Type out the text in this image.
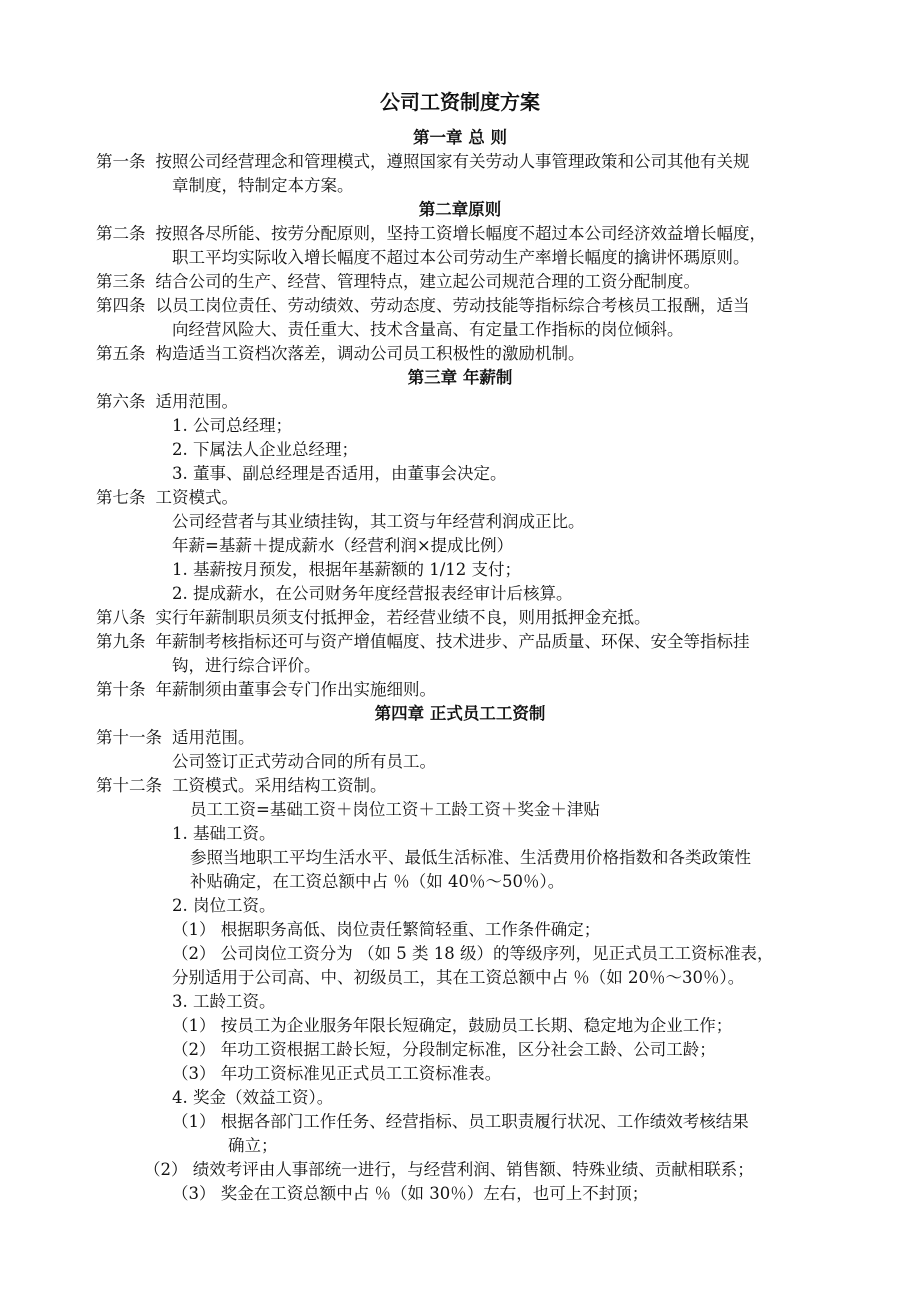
公司工资制度方案
第一章 总 则
第一条 按照公司经营理念和管理模式，遵照国家有关劳动人事管理政策和公司其他有关规
章制度，特制定本方案。
第二章原则
第二条 按照各尽所能、按劳分配原则，坚持工资增长幅度不超过本公司经济效益增长幅度，
职工平均实际收入增长幅度不超过本公司劳动生产率增长幅度的擒讲怀瑪原则。
第三条 结合公司的生产、经营、管理特点，建立起公司规范合理的工资分配制度。
第四条 以员工岗位责任、劳动绩效、劳动态度、劳动技能等指标综合考核员工报酬，适当
向经营风险大、责任重大、技术含量高、有定量工作指标的岗位倾斜。
第五条 构造适当工资档次落差，调动公司员工积极性的激励机制。
第三章 年薪制
第六条 适用范围。
1. 公司总经理；
2. 下属法人企业总经理；
3. 董事、副总经理是否适用，由董事会决定。
第七条 工资模式。
公司经营者与其业绩挂钩，其工资与年经营利润成正比。
年薪=基薪＋提成薪水（经营利润×提成比例）
1. 基薪按月预发，根据年基薪额的 1/12 支付；
2. 提成薪水，在公司财务年度经营报表经审计后核算。
第八条 实行年薪制职员须支付抵押金，若经营业绩不良，则用抵押金充抵。
第九条 年薪制考核指标还可与资产增值幅度、技术进步、产品质量、环保、安全等指标挂
钩，进行综合评价。
第十条 年薪制须由董事会专门作出实施细则。
第四章 正式员工工资制
第十一条 适用范围。
公司签订正式劳动合同的所有员工。
第十二条 工资模式。采用结构工资制。
员工工资=基础工资＋岗位工资＋工龄工资＋奖金＋津贴
1. 基础工资。
参照当地职工平均生活水平、最低生活标准、生活费用价格指数和各类政策性
补贴确定，在工资总额中占 ％（如 40％～50％）。
2. 岗位工资。
（1） 根据职务高低、岗位责任繁简轻重、工作条件确定；
（2） 公司岗位工资分为 （如 5 类 18 级）的等级序列，见正式员工工资标准表，
分别适用于公司高、中、初级员工，其在工资总额中占 ％（如 20％～30％）。
3. 工龄工资。
（1） 按员工为企业服务年限长短确定，鼓励员工长期、稳定地为企业工作；
（2） 年功工资根据工龄长短，分段制定标准，区分社会工龄、公司工龄；
（3） 年功工资标准见正式员工工资标准表。
4. 奖金（效益工资）。
（1） 根据各部门工作任务、经营指标、员工职责履行状况、工作绩效考核结果
确立；
（2） 绩效考评由人事部统一进行，与经营利润、销售额、特殊业绩、贡献相联系；
（3） 奖金在工资总额中占 ％（如 30％）左右，也可上不封顶；
